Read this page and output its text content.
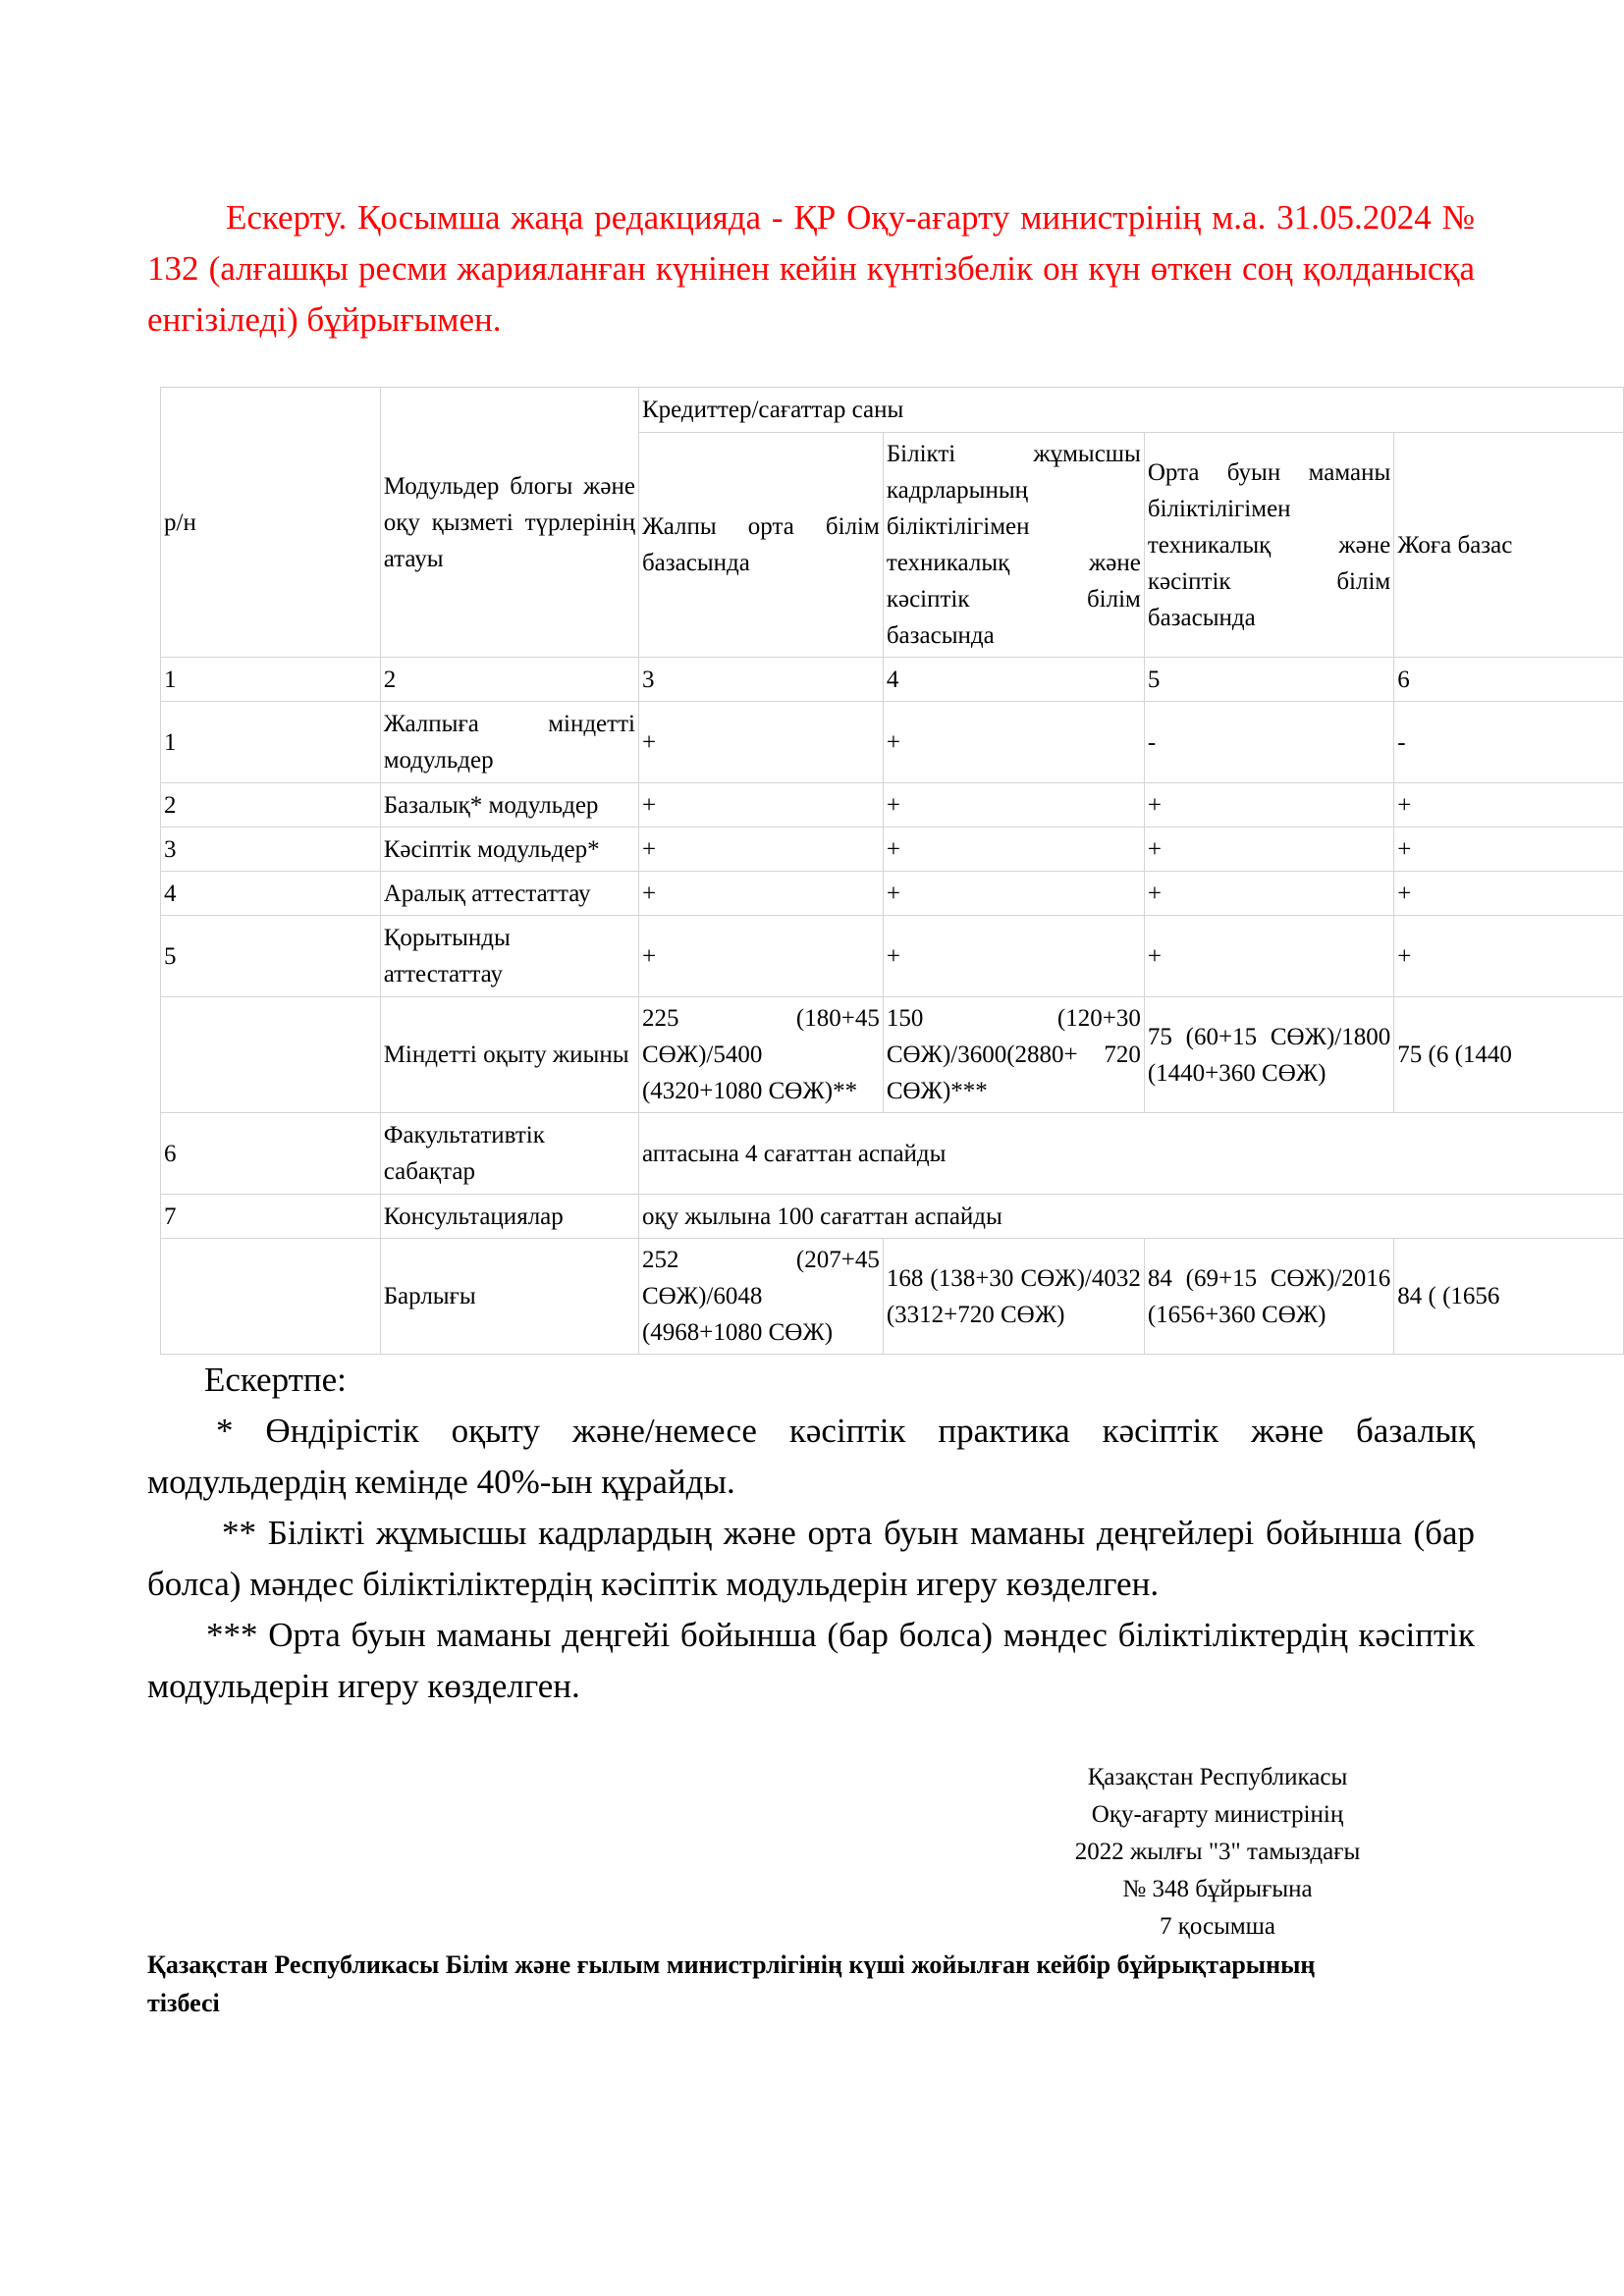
Ескерту. Қосымша жаңа редакцияда - ҚР Оқу-ағарту министрінің м.а. 31.05.2024 № 132 (алғашқы ресми жарияланған күнінен кейін күнтізбелік он күн өткен соң қолданысқа енгізіледі) бұйрығымен.
р/н	Модульдер блогы және оқу қызметі түрлерінің атауы	Кредиттер/сағаттар саны			
		Жалпы орта білім базасында	Білікті жұмысшы кадрларының біліктілігімен техникалық және кәсіптік білім базасында	Орта буын маманы біліктілігімен техникалық және кәсіптік білім базасында	Жоға базас
1	2	3	4	5	6
1	Жалпыға міндетті модульдер	+	+	-	-
2	Базалық* модульдер	+	+	+	+
3	Кәсіптік модульдер*	+	+	+	+
4	Аралық аттестаттау	+	+	+	+
5	Қорытынды аттестаттау	+	+	+	+
	Міндетті оқыту жиыны	225 (180+45 СӨЖ)/5400 (4320+1080 СӨЖ)**	150 (120+30 СӨЖ)/3600(2880+ 720 СӨЖ)***	75 (60+15 СӨЖ)/1800 (1440+360 СӨЖ)	75 (6 (1440
6	Факультативтік сабақтар	аптасына 4 сағаттан аспайды			
7	Консультациялар	оқу жылына 100 сағаттан аспайды			
	Барлығы	252 (207+45 СӨЖ)/6048 (4968+1080 СӨЖ)	168 (138+30 СӨЖ)/4032 (3312+720 СӨЖ)	84 (69+15 СӨЖ)/2016 (1656+360 СӨЖ)	84 ( (1656

Ескертпе:

* Өндірістік оқыту және/немесе кәсіптік практика кәсіптік және базалық модульдердің кемінде 40%-ын құрайды.

** Білікті жұмысшы кадрлардың және орта буын маманы деңгейлері бойынша (бар болса) мәндес біліктіліктердің кәсіптік модульдерін игеру көзделген.

*** Орта буын маманы деңгейі бойынша (бар болса) мәндес біліктіліктердің кәсіптік модульдерін игеру көзделген.

Қазақстан Республикасы
Оқу-ағарту министрінің
2022 жылғы "3" тамыздағы
№ 348 бұйрығына
7 қосымша
Қазақстан Республикасы Білім және ғылым министрлігінің күші жойылған кейбір бұйрықтарының тізбесі
